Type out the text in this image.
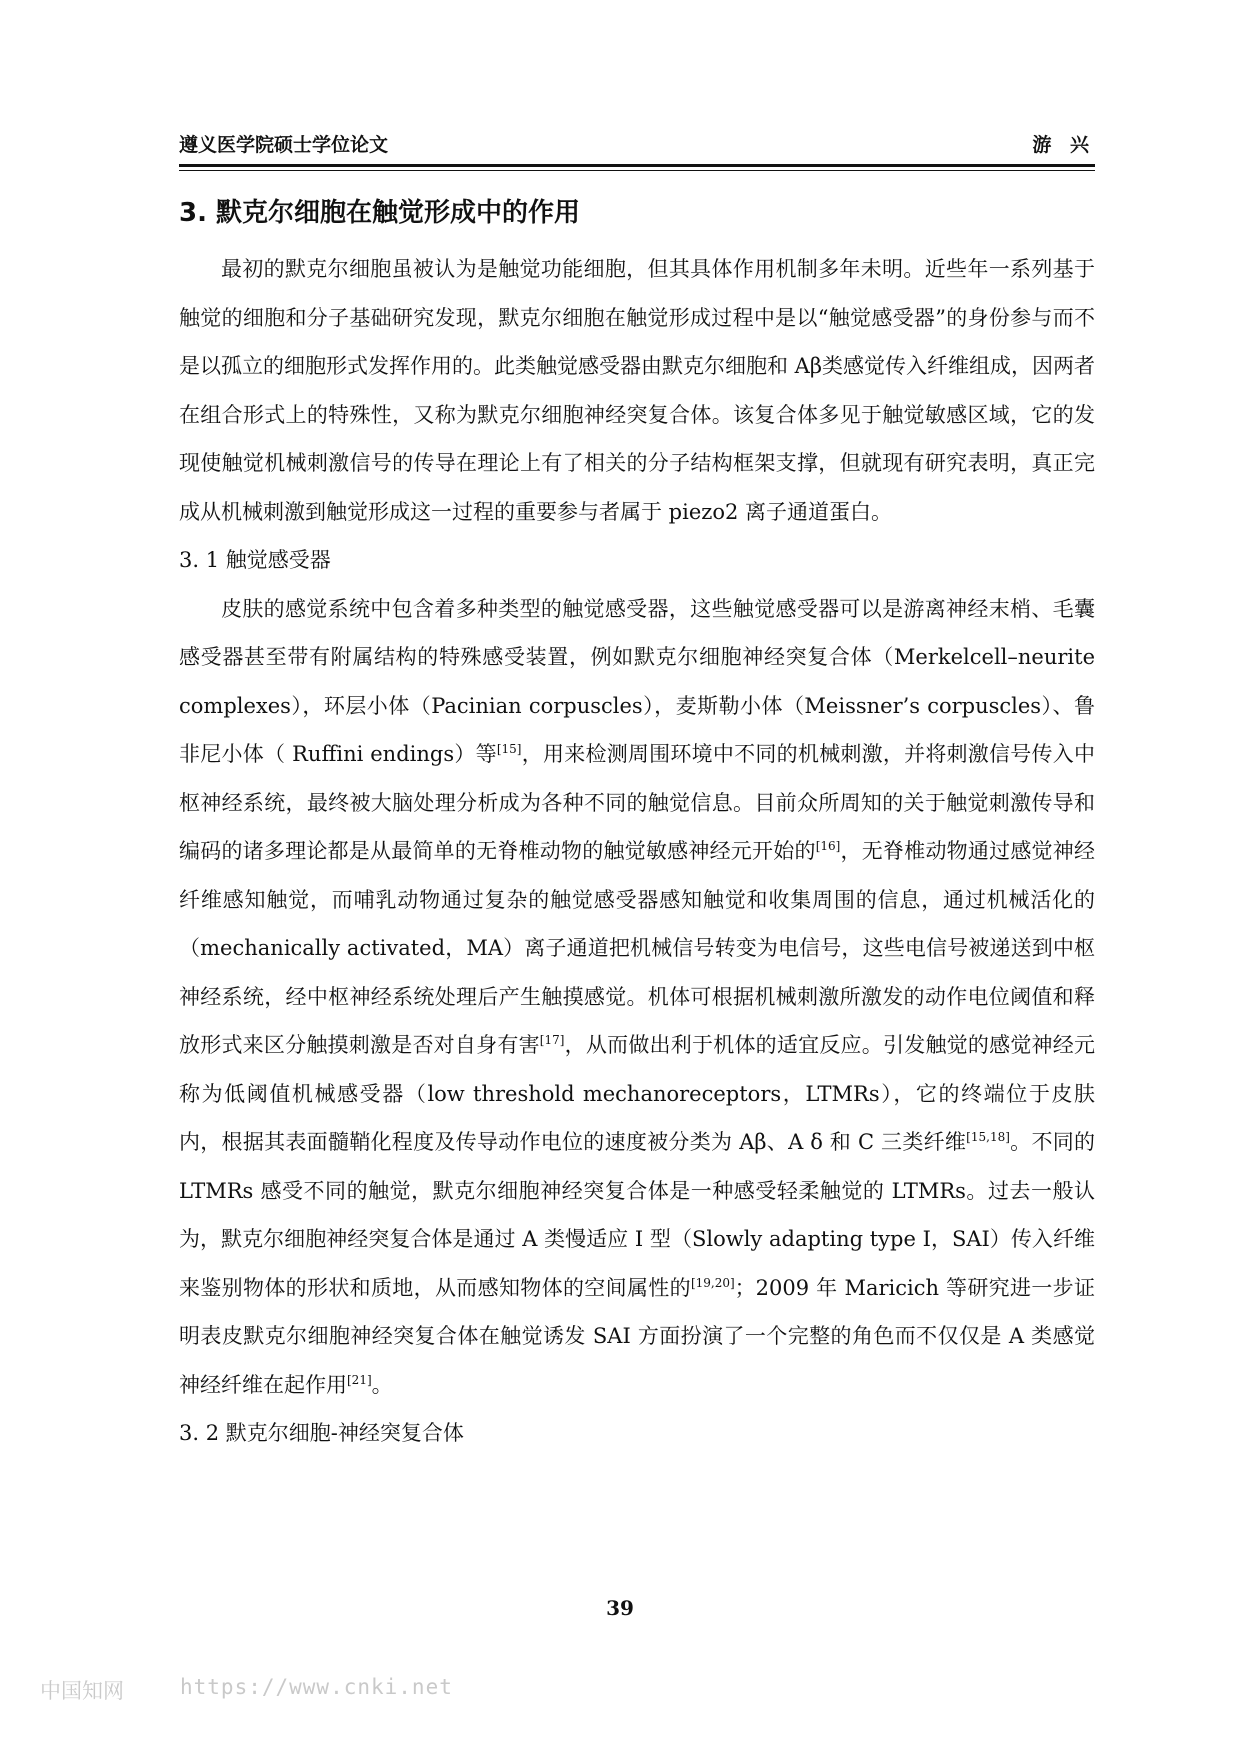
遵义医学院硕士学位论文	游 兴
3. 默克尔细胞在触觉形成中的作用

最初的默克尔细胞虽被认为是触觉功能细胞，但其具体作用机制多年未明。近些年一系列基于触觉的细胞和分子基础研究发现，默克尔细胞在触觉形成过程中是以“触觉感受器”的身份参与而不是以孤立的细胞形式发挥作用的。此类触觉感受器由默克尔细胞和 Aβ类感觉传入纤维组成，因两者在组合形式上的特殊性，又称为默克尔细胞神经突复合体。该复合体多见于触觉敏感区域，它的发现使触觉机械刺激信号的传导在理论上有了相关的分子结构框架支撑，但就现有研究表明，真正完成从机械刺激到触觉形成这一过程的重要参与者属于 piezo2 离子通道蛋白。

3. 1 触觉感受器

皮肤的感觉系统中包含着多种类型的触觉感受器，这些触觉感受器可以是游离神经末梢、毛囊感受器甚至带有附属结构的特殊感受装置，例如默克尔细胞神经突复合体（Merkelcell–neurite complexes），环层小体（Pacinian corpuscles），麦斯勒小体（Meissner’s corpuscles）、鲁非尼小体（ Ruffini endings）等[15]，用来检测周围环境中不同的机械刺激，并将刺激信号传入中枢神经系统，最终被大脑处理分析成为各种不同的触觉信息。目前众所周知的关于触觉刺激传导和编码的诸多理论都是从最简单的无脊椎动物的触觉敏感神经元开始的[16]，无脊椎动物通过感觉神经纤维感知触觉，而哺乳动物通过复杂的触觉感受器感知触觉和收集周围的信息，通过机械活化的（mechanically activated，MA）离子通道把机械信号转变为电信号，这些电信号被递送到中枢神经系统，经中枢神经系统处理后产生触摸感觉。机体可根据机械刺激所激发的动作电位阈值和释放形式来区分触摸刺激是否对自身有害[17]，从而做出利于机体的适宜反应。引发触觉的感觉神经元称为低阈值机械感受器（low threshold mechanoreceptors，LTMRs），它的终端位于皮肤内，根据其表面髓鞘化程度及传导动作电位的速度被分类为 Aβ、A δ 和 C 三类纤维[15,18]。不同的 LTMRs 感受不同的触觉，默克尔细胞神经突复合体是一种感受轻柔触觉的 LTMRs。过去一般认为，默克尔细胞神经突复合体是通过 A 类慢适应 I 型（Slowly adapting type I，SAI）传入纤维来鉴别物体的形状和质地，从而感知物体的空间属性的[19,20]；2009 年 Maricich 等研究进一步证明表皮默克尔细胞神经突复合体在触觉诱发 SAI 方面扮演了一个完整的角色而不仅仅是 A 类感觉神经纤维在起作用[21]。

3. 2 默克尔细胞-神经突复合体

39
中国知网	https://www.cnki.net
